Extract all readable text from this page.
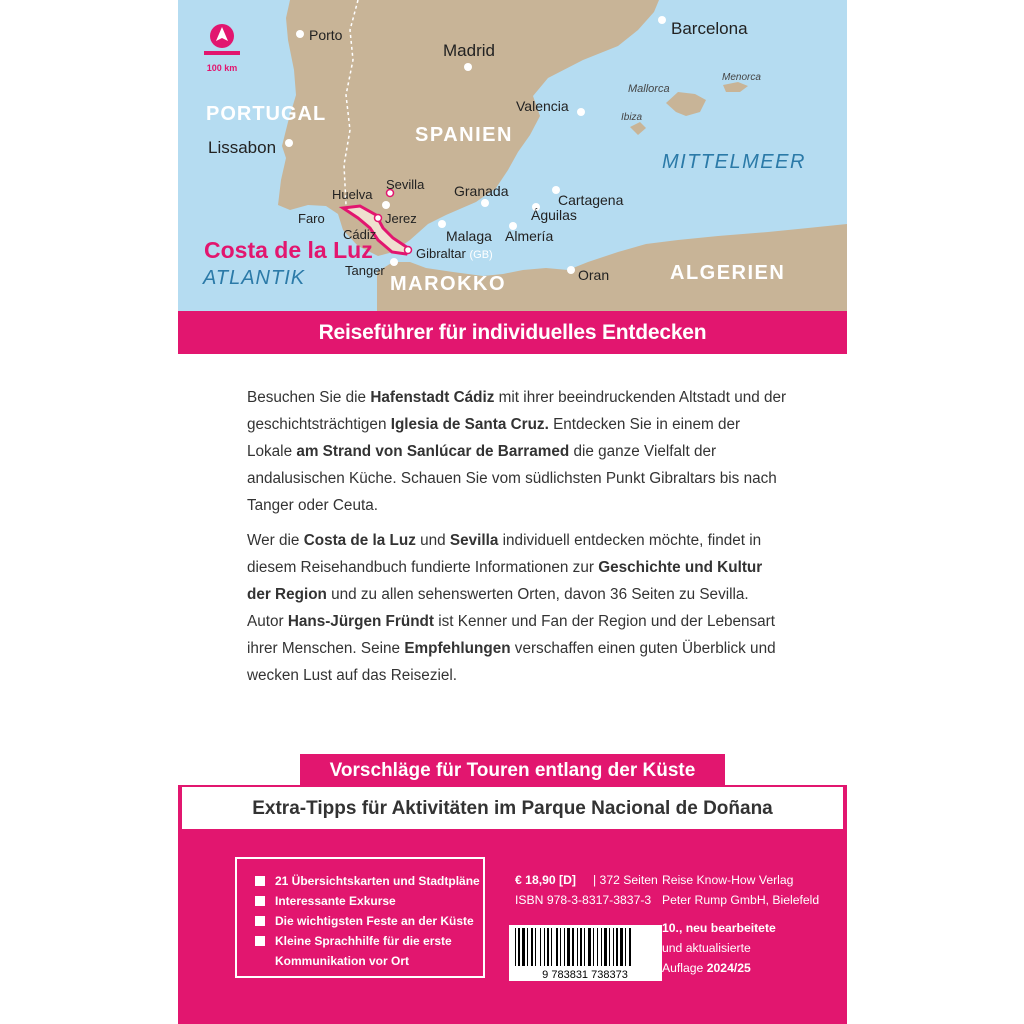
100 km
PORTUGAL
SPANIEN
MAROKKO	ALGERIEN
MITTELMEER
ATLANTIK
Costa de la Luz
Porto
Madrid
Barcelona
Valencia
Lissabon
Sevilla
Huelva	Granada
Cartagena
Águilas
Faro	Jerez
Cádiz	Malaga Almería
Gibraltar (GB)
Tanger	Oran
Mallorca
Menorca
Ibiza
Reiseführer für individuelles Entdecken

Besuchen Sie die Hafenstadt Cádiz mit ihrer beeindruckenden Altstadt und der geschichtsträchtigen Iglesia de Santa Cruz. Entdecken Sie in einem der Lokale am Strand von Sanlúcar de Barramed die ganze Vielfalt der andalusischen Küche. Schauen Sie vom südlichsten Punkt Gibraltars bis nach Tanger oder Ceuta.

Wer die Costa de la Luz und Sevilla individuell entdecken möchte, findet in diesem Reisehandbuch fundierte Informationen zur Geschichte und Kultur der Region und zu allen sehenswerten Orten, davon 36 Seiten zu Sevilla.

Autor Hans-Jürgen Fründt ist Kenner und Fan der Region und der Lebensart ihrer Menschen. Seine Empfehlungen verschaffen einen guten Überblick und wecken Lust auf das Reiseziel.

Vorschläge für Touren entlang der Küste
Extra-Tipps für Aktivitäten im Parque Nacional de Doñana
21 Übersichtskarten und Stadtpläne
Interessante Exkurse
Die wichtigsten Feste an der Küste
Kleine Sprachhilfe für die erste
Kommunikation vor Ort
€ 18,90 [D] | 372 Seiten
ISBN 978-3-8317-3837-3
Reise Know-How Verlag
Peter Rump GmbH, Bielefeld
10., neu bearbeitete
und aktualisierte
Auflage 2024/25
9 783831 738373
